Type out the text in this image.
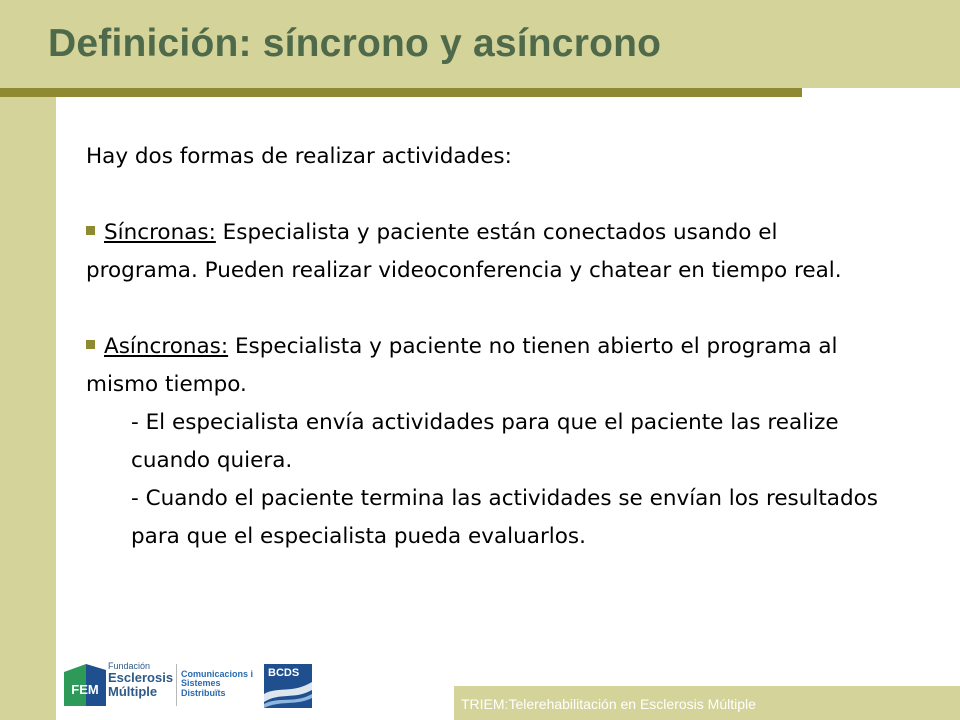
Definición: síncrono y asíncrono

Hay dos formas de realizar actividades:

Síncronas: Especialista y paciente están conectados usando el programa. Pueden realizar videoconferencia y chatear en tiempo real.

Asíncronas: Especialista y paciente no tienen abierto el programa al mismo tiempo.

- El especialista envía actividades para que el paciente las realize cuando quiera.

- Cuando el paciente termina las actividades se envían los resultados para que el especialista pueda evaluarlos.

FEM
Fundación
Esclerosis
Múltiple
Comunicacions i
Sistemes
Distribuïts
BCDS
TRIEM:Telerehabilitación en Esclerosis Múltiple
